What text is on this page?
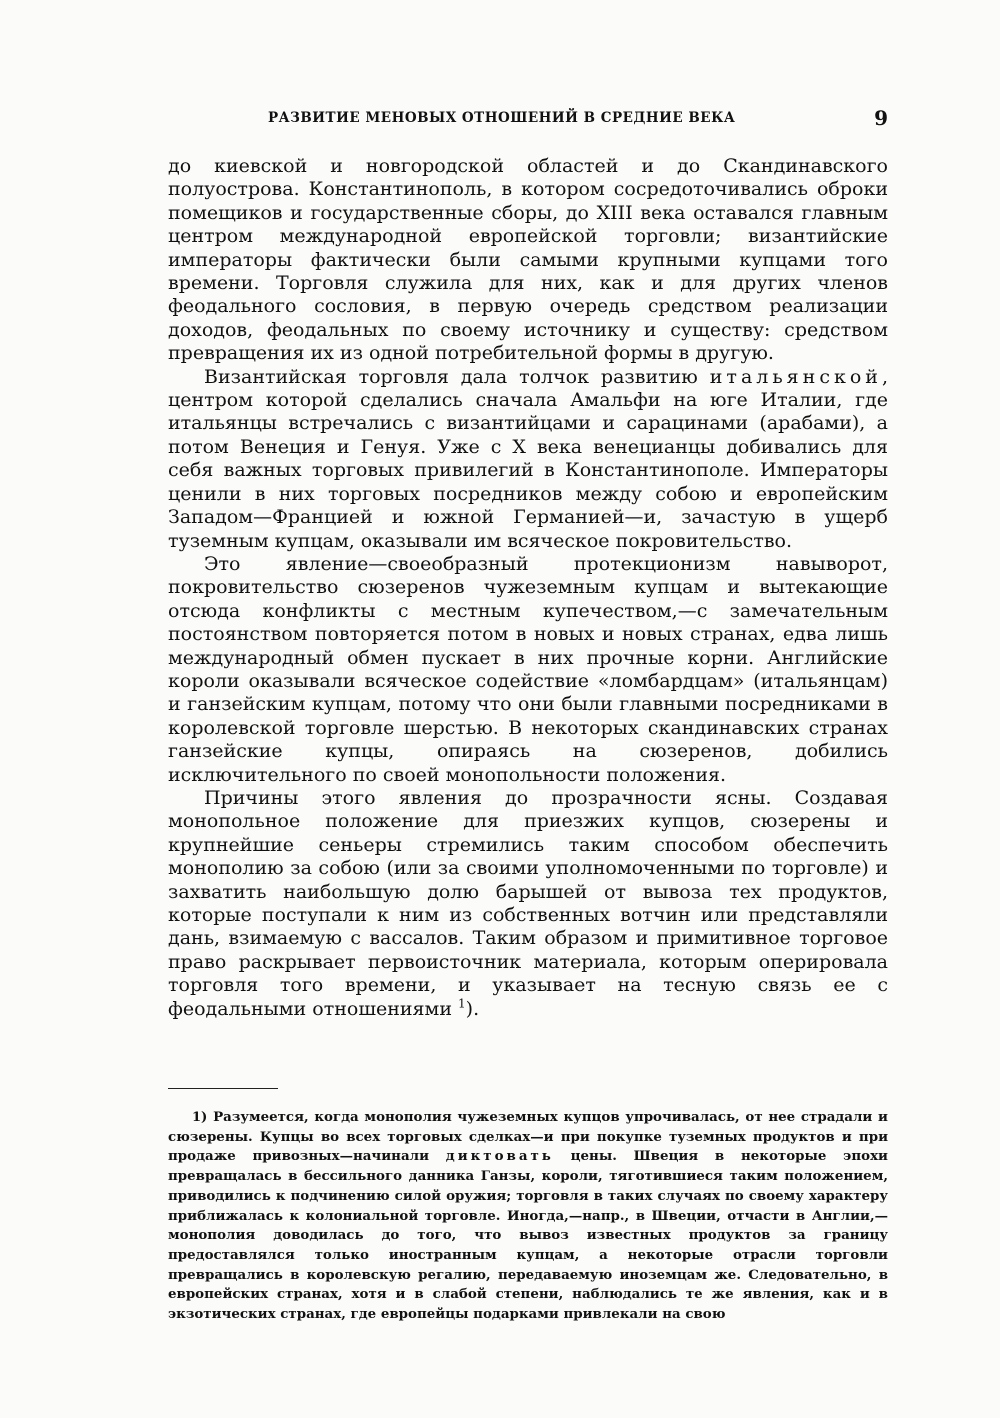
РАЗВИТИЕ МЕНОВЫХ ОТНОШЕНИЙ В СРЕДНИЕ ВЕКА	9

до киевской и новгородской областей и до Скандинавского полуострова. Константинополь, в котором сосредоточивались оброки помещиков и государственные сборы, до XIII века оставался главным центром международной европейской торговли; византийские императоры фактически были самыми крупными купцами того времени. Торговля служила для них, как и для других членов феодального сословия, в первую очередь средством реализации доходов, феодальных по своему источнику и существу: средством превращения их из одной потребительной формы в другую.

Византийская торговля дала толчок развитию итальянской, центром которой сделались сначала Амальфи на юге Италии, где итальянцы встречались с византийцами и сарацинами (арабами), а потом Венеция и Генуя. Уже с X века венецианцы добивались для себя важных торговых привилегий в Константинополе. Императоры ценили в них торговых посредников между собою и европейским Западом—Францией и южной Германией—и, зачастую в ущерб туземным купцам, оказывали им всяческое покровительство.

Это явление—своеобразный протекционизм навыворот, покровительство сюзеренов чужеземным купцам и вытекающие отсюда конфликты с местным купечеством,—с замечательным постоянством повторяется потом в новых и новых странах, едва лишь международный обмен пускает в них прочные корни. Английские короли оказывали всяческое содействие «ломбардцам» (итальянцам) и ганзейским купцам, потому что они были главными посредниками в королевской торговле шерстью. В некоторых скандинавских странах ганзейские купцы, опираясь на сюзеренов, добились исключительного по своей монопольности положения.

Причины этого явления до прозрачности ясны. Создавая монопольное положение для приезжих купцов, сюзерены и крупнейшие сеньеры стремились таким способом обеспечить монополию за собою (или за своими уполномоченными по торговле) и захватить наибольшую долю барышей от вывоза тех продуктов, которые поступали к ним из собственных вотчин или представляли дань, взимаемую с вассалов. Таким образом и примитивное торговое право раскрывает первоисточник материала, которым оперировала торговля того времени, и указывает на тесную связь ее с феодальными отношениями $^1$).

1) Разумеется, когда монополия чужеземных купцов упрочивалась, от нее страдали и сюзерены. Купцы во всех торговых сделках—и при покупке туземных продуктов и при продаже привозных—начинали диктовать цены. Швеция в некоторые эпохи превращалась в бессильного данника Ганзы, короли, тяготившиеся таким положением, приводились к подчинению силой оружия; торговля в таких случаях по своему характеру приближалась к колониальной торговле. Иногда,—напр., в Швеции, отчасти в Англии,—монополия доводилась до того, что вывоз известных продуктов за границу предоставлялся только иностранным купцам, а некоторые отрасли торговли превращались в королевскую регалию, передаваемую иноземцам же. Следовательно, в европейских странах, хотя и в слабой степени, наблюдались те же явления, как и в экзотических странах, где европейцы подарками привлекали на свою
